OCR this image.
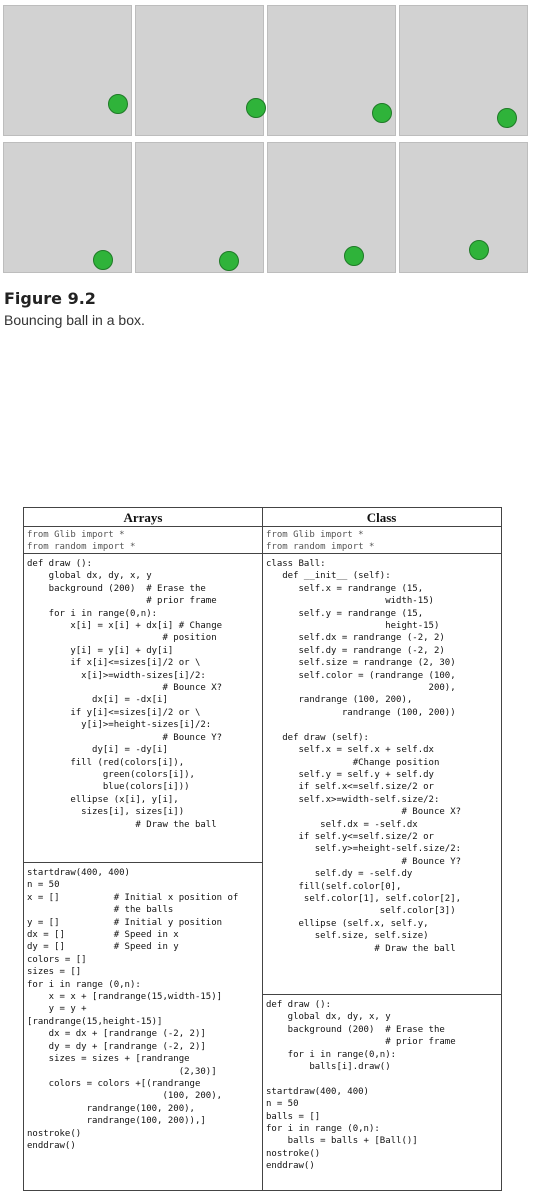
Figure 9.2
Bouncing ball in a box.
Arrays	Class
from Glib import *
from random import *
def draw ():
global dx, dy, x, y
background (200)  # Erase the
# prior frame
for i in range(0,n):
x[i] = x[i] + dx[i] # Change
# position
y[i] = y[i] + dy[i]
if x[i]<=sizes[i]/2 or \
x[i]>=width-sizes[i]/2:
# Bounce X?
dx[i] = -dx[i]
if y[i]<=sizes[i]/2 or \
y[i]>=height-sizes[i]/2:
# Bounce Y?
dy[i] = -dy[i]
fill (red(colors[i]),
green(colors[i]),
blue(colors[i]))
ellipse (x[i], y[i],
sizes[i], sizes[i])
# Draw the ball
startdraw(400, 400)
n = 50
x = []          # Initial x position of
# the balls
y = []          # Initial y position
dx = []         # Speed in x
dy = []         # Speed in y
colors = []
sizes = []
for i in range (0,n):
x = x + [randrange(15,width-15)]
y = y +
[randrange(15,height-15)]
dx = dx + [randrange (-2, 2)]
dy = dy + [randrange (-2, 2)]
sizes = sizes + [randrange
(2,30)]
colors = colors +[(randrange
(100, 200),
randrange(100, 200),
randrange(100, 200)),]
nostroke()
enddraw()
from Glib import *
from random import *
class Ball:
def __init__ (self):
self.x = randrange (15,
width-15)
self.y = randrange (15,
height-15)
self.dx = randrange (-2, 2)
self.dy = randrange (-2, 2)
self.size = randrange (2, 30)
self.color = (randrange (100,
200),
randrange (100, 200),
randrange (100, 200))

def draw (self):
self.x = self.x + self.dx
#Change position
self.y = self.y + self.dy
if self.x<=self.size/2 or
self.x>=width-self.size/2:
# Bounce X?
self.dx = -self.dx
if self.y<=self.size/2 or
self.y>=height-self.size/2:
# Bounce Y?
self.dy = -self.dy
fill(self.color[0],
self.color[1], self.color[2],
self.color[3])
ellipse (self.x, self.y,
self.size, self.size)
# Draw the ball
def draw ():
global dx, dy, x, y
background (200)  # Erase the
# prior frame
for i in range(0,n):
balls[i].draw()

startdraw(400, 400)
n = 50
balls = []
for i in range (0,n):
balls = balls + [Ball()]
nostroke()
enddraw()
